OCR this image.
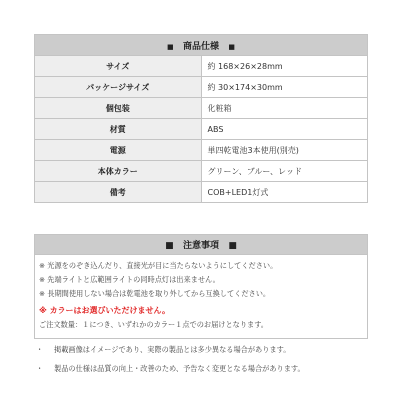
■ 商品仕様 ■	
サイズ	約 168×26×28mm
パッケージサイズ	約 30×174×30mm
個包装	化粧箱
材質	ABS
電源	単四乾電池3本使用(別売)
本体カラー	グリーン、ブルー、レッド
備考	COB+LED1灯式
■ 注意事項 ■

※ 光源をのぞき込んだり、直接光が目に当たらないようにしてください。
※ 先端ライトと広範囲ライトの同時点灯は出来ません。
※ 長期間使用しない場合は乾電池を取り外してから互換してください。
※ カラーはお選びいただけません。
ご注文数量：１につき、いずれかのカラー１点でのお届けとなります。
・	掲載画像はイメージであり、実際の製品とは多少異なる場合があります。
・	製品の仕様は品質の向上・改善のため、予告なく変更となる場合があります。
